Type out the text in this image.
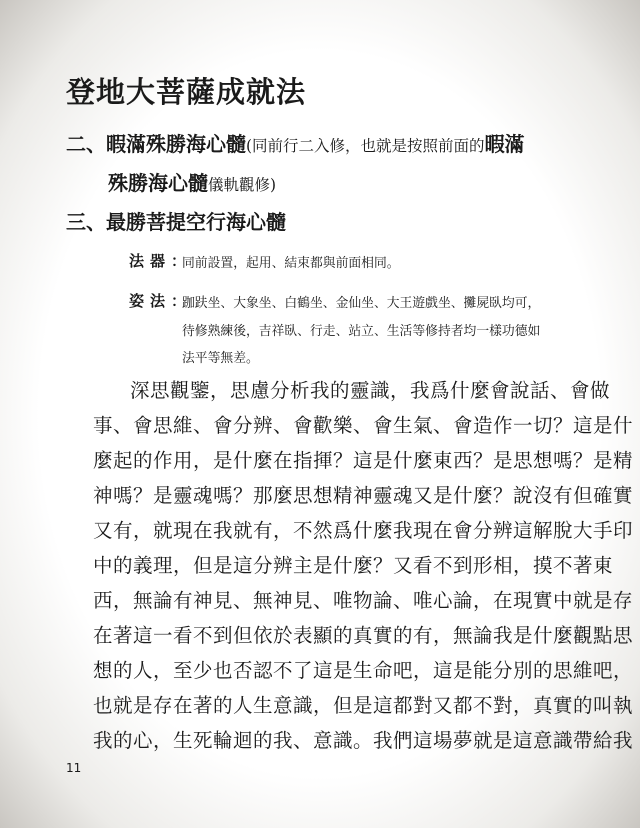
登地大菩薩成就法
二、暇滿殊勝海心髓(同前行二入修，也就是按照前面的暇滿
殊勝海心髓儀軌觀修)
三、最勝菩提空行海心髓
法器：
同前設置，起用、結束都與前面相同。
姿法：
跏趺坐、大象坐、白鶴坐、金仙坐、大王遊戲坐、攤屍臥均可，
待修熟練後，吉祥臥、行走、站立、生活等修持者均一樣功德如
法平等無差。
深思觀鑒，思慮分析我的靈識，我爲什麼會說話、會做
事、會思維、會分辨、會歡樂、會生氣、會造作一切？這是什
麼起的作用，是什麼在指揮？這是什麼東西？是思想嗎？是精
神嗎？是靈魂嗎？那麼思想精神靈魂又是什麼？說沒有但確實
又有，就現在我就有，不然爲什麼我現在會分辨這解脫大手印
中的義理，但是這分辨主是什麼？又看不到形相，摸不著東
西，無論有神見、無神見、唯物論、唯心論，在現實中就是存
在著這一看不到但依於表顯的真實的有，無論我是什麼觀點思
想的人，至少也否認不了這是生命吧，這是能分別的思維吧，
也就是存在著的人生意識，但是這都對又都不對，真實的叫執
我的心，生死輪迴的我、意識。我們這場夢就是這意識帶給我
11
